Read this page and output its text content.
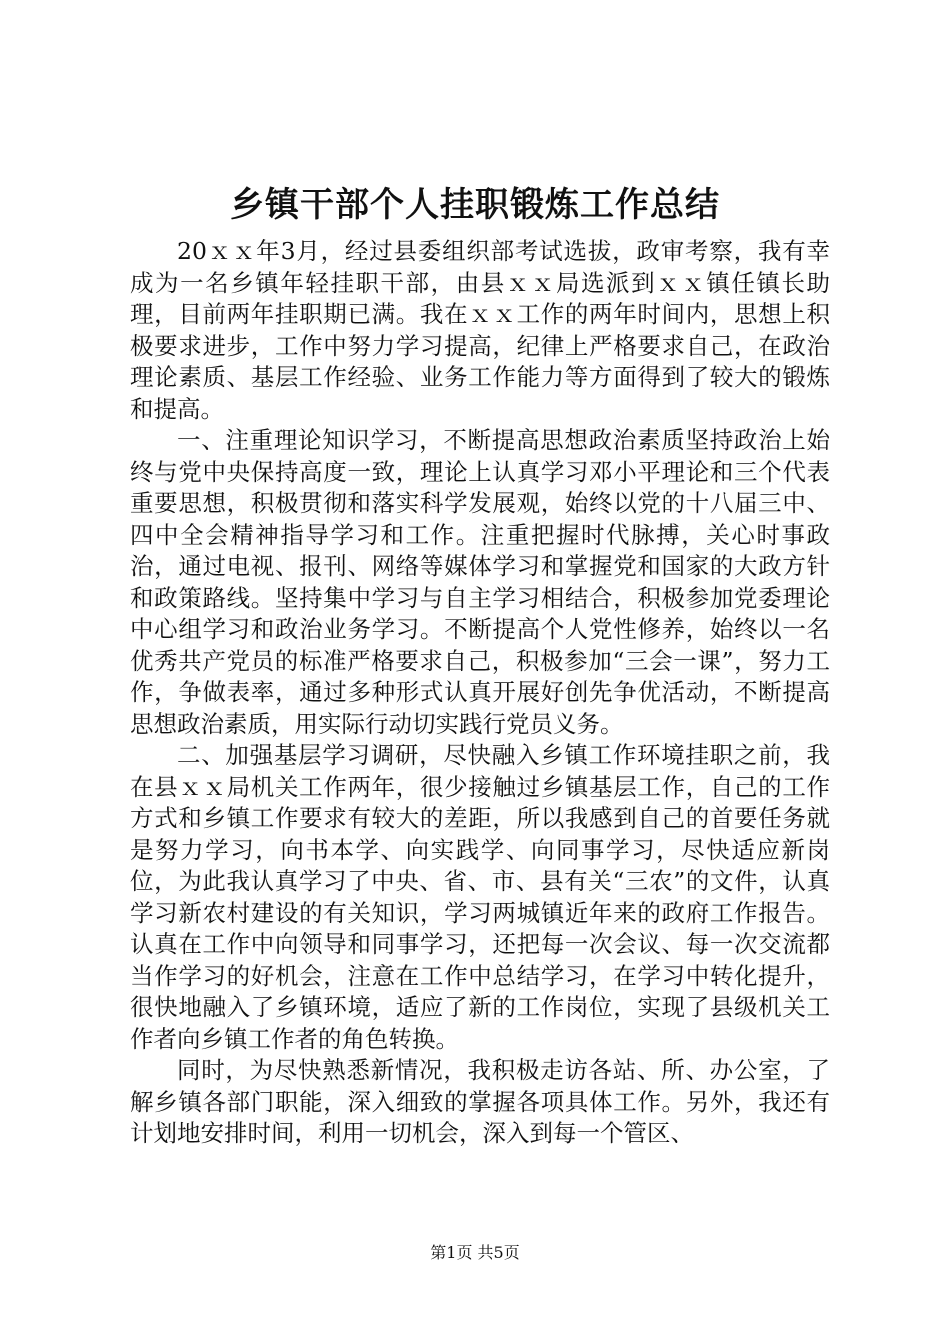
乡镇干部个人挂职锻炼工作总结

20ｘｘ年3月，经过县委组织部考试选拔，政审考察，我有幸成为一名乡镇年轻挂职干部，由县ｘｘ局选派到ｘｘ镇任镇长助理，目前两年挂职期已满。我在ｘｘ工作的两年时间内，思想上积极要求进步，工作中努力学习提高，纪律上严格要求自己，在政治理论素质、基层工作经验、业务工作能力等方面得到了较大的锻炼和提高。

一、注重理论知识学习，不断提高思想政治素质坚持政治上始终与党中央保持高度一致，理论上认真学习邓小平理论和三个代表重要思想，积极贯彻和落实科学发展观，始终以党的十八届三中、四中全会精神指导学习和工作。注重把握时代脉搏，关心时事政治，通过电视、报刊、网络等媒体学习和掌握党和国家的大政方针和政策路线。坚持集中学习与自主学习相结合，积极参加党委理论中心组学习和政治业务学习。不断提高个人党性修养，始终以一名优秀共产党员的标准严格要求自己，积极参加“三会一课”，努力工作，争做表率，通过多种形式认真开展好创先争优活动，不断提高思想政治素质，用实际行动切实践行党员义务。

二、加强基层学习调研，尽快融入乡镇工作环境挂职之前，我在县ｘｘ局机关工作两年，很少接触过乡镇基层工作，自己的工作方式和乡镇工作要求有较大的差距，所以我感到自己的首要任务就是努力学习，向书本学、向实践学、向同事学习，尽快适应新岗位，为此我认真学习了中央、省、市、县有关“三农”的文件，认真学习新农村建设的有关知识，学习两城镇近年来的政府工作报告。认真在工作中向领导和同事学习，还把每一次会议、每一次交流都当作学习的好机会，注意在工作中总结学习，在学习中转化提升，很快地融入了乡镇环境，适应了新的工作岗位，实现了县级机关工作者向乡镇工作者的角色转换。

同时，为尽快熟悉新情况，我积极走访各站、所、办公室，了解乡镇各部门职能，深入细致的掌握各项具体工作。另外，我还有计划地安排时间，利用一切机会，深入到每一个管区、

第1页 共5页
